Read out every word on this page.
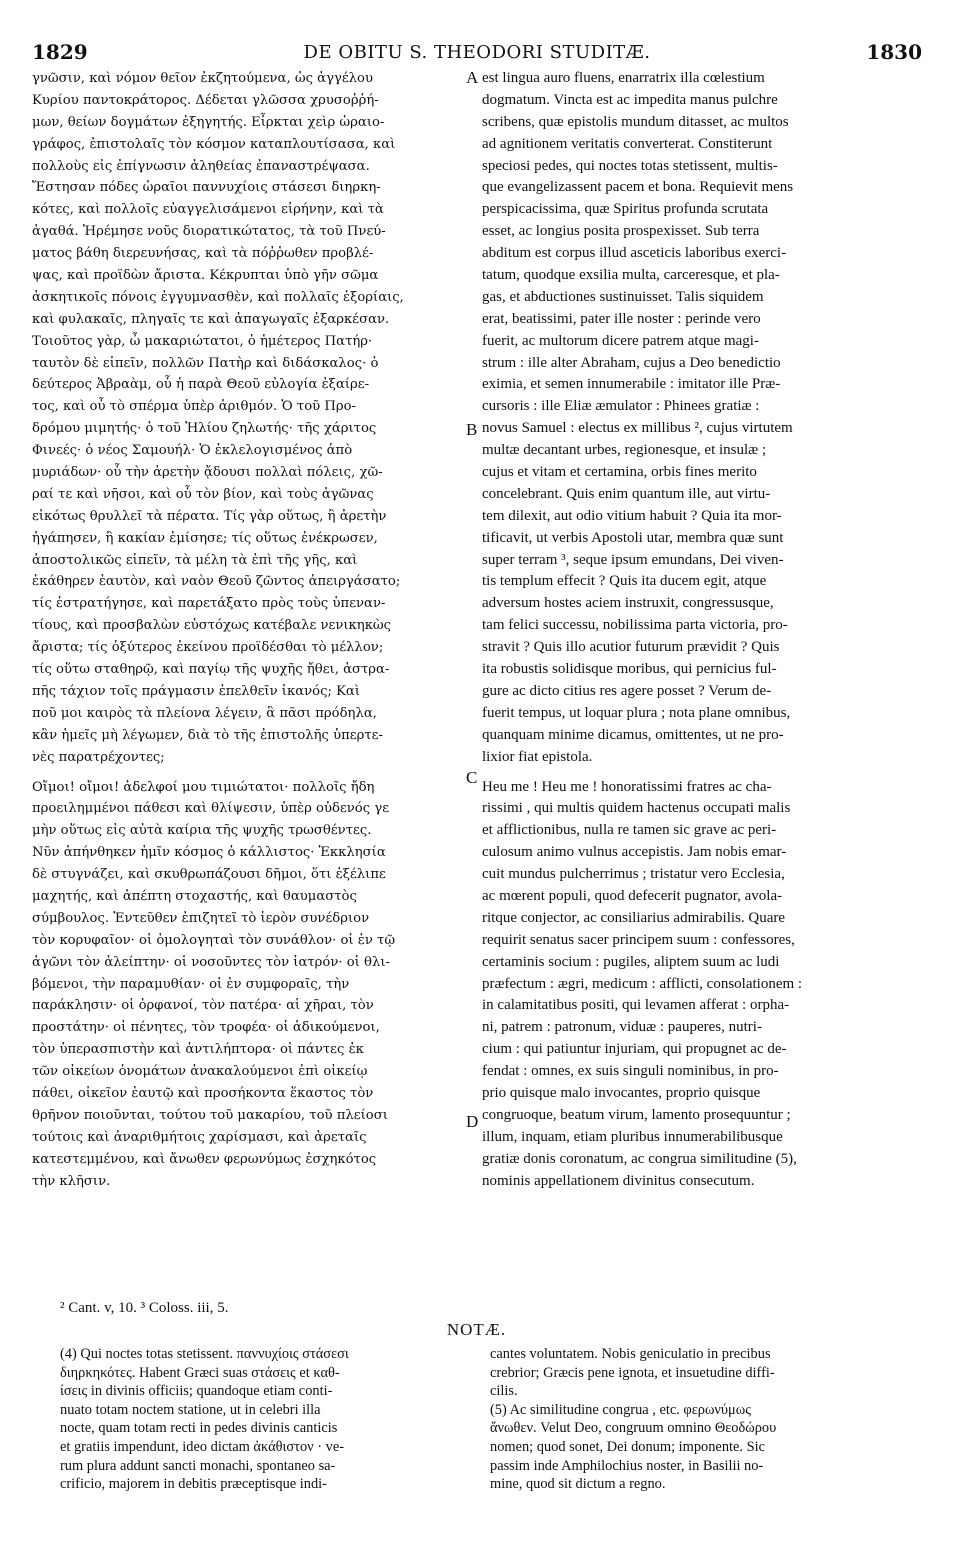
1829	DE OBITU S. THEODORI STUDITÆ.	1830
γνῶσιν, καὶ νόμον θεῖον ἐκζητούμενα, ὡς ἀγγέλου
Κυρίου παντοκράτορος. Δέδεται γλῶσσα χρυσοῤῥή-
μων, θείων δογμάτων ἐξηγητής. Εἶρκται χεὶρ ὡραιο-
γράφος, ἐπιστολαῖς τὸν κόσμον καταπλουτίσασα, καὶ
πολλοὺς εἰς ἐπίγνωσιν ἀληθείας ἐπαναστρέψασα.
Ἔστησαν πόδες ὡραῖοι παννυχίοις στάσεσι διηρκη-
κότες, καὶ πολλοῖς εὐαγγελισάμενοι εἰρήνην, καὶ τὰ
ἀγαθά. Ἠρέμησε νοῦς διορατικώτατος, τὰ τοῦ Πνεύ-
ματος βάθη διερευνήσας, καὶ τὰ πόῤῥωθεν προβλέ-
ψας, καὶ προϊδὼν ἄριστα. Κέκρυπται ὑπὸ γῆν σῶμα
ἀσκητικοῖς πόνοις ἐγγυμνασθὲν, καὶ πολλαῖς ἐξορίαις,
καὶ φυλακαῖς, πληγαῖς τε καὶ ἀπαγωγαῖς ἐξαρκέσαν.
Τοιοῦτος γὰρ, ὦ μακαριώτατοι, ὁ ἡμέτερος Πατήρ·
ταυτὸν δὲ εἰπεῖν, πολλῶν Πατὴρ καὶ διδάσκαλος· ὁ
δεύτερος Ἀβραὰμ, οὗ ἡ παρὰ Θεοῦ εὐλογία ἐξαίρε-
τος, καὶ οὗ τὸ σπέρμα ὑπὲρ ἀριθμόν. Ὁ τοῦ Προ-
δρόμου μιμητής· ὁ τοῦ Ἠλίου ζηλωτής· τῆς χάριτος
Φινεές· ὁ νέος Σαμουήλ· Ὁ ἐκλελογισμένος ἀπὸ
μυριάδων· οὗ τὴν ἀρετὴν ᾄδουσι πολλαὶ πόλεις, χῶ-
ραί τε καὶ νῆσοι, καὶ οὗ τὸν βίον, καὶ τοὺς ἀγῶνας
εἰκότως θρυλλεῖ τὰ πέρατα. Τίς γὰρ οὕτως, ἢ ἀρετὴν
ἠγάπησεν, ἢ κακίαν ἐμίσησε; τίς οὕτως ἐνέκρωσεν,
ἀποστολικῶς εἰπεῖν, τὰ μέλη τὰ ἐπὶ τῆς γῆς, καὶ
ἐκάθηρεν ἑαυτὸν, καὶ ναὸν Θεοῦ ζῶντος ἀπειργάσατο;
τίς ἐστρατήγησε, καὶ παρετάξατο πρὸς τοὺς ὑπεναν-
τίους, καὶ προσβαλὼν εὐστόχως κατέβαλε νενικηκὼς
ἄριστα; τίς ὀξύτερος ἐκείνου προϊδέσθαι τὸ μέλλον;
τίς οὕτω σταθηρῷ, καὶ παγίῳ τῆς ψυχῆς ἤθει, ἀστρα-
πῆς τάχιον τοῖς πράγμασιν ἐπελθεῖν ἱκανός; Καὶ
ποῦ μοι καιρὸς τὰ πλείονα λέγειν, ἃ πᾶσι πρόδηλα,
κἂν ἡμεῖς μὴ λέγωμεν, διὰ τὸ τῆς ἐπιστολῆς ὑπερτε-
νὲς παρατρέχοντες;
Οἴμοι! οἴμοι! ἀδελφοί μου τιμιώτατοι· πολλοῖς ἤδη
προειλημμένοι πάθεσι καὶ θλίψεσιν, ὑπὲρ οὐδενός γε
μὴν οὕτως εἰς αὐτὰ καίρια τῆς ψυχῆς τρωσθέντες.
Νῦν ἀπήνθηκεν ἡμῖν κόσμος ὁ κάλλιστος· Ἐκκλησία
δὲ στυγνάζει, καὶ σκυθρωπάζουσι δῆμοι, ὅτι ἐξέλιπε
μαχητής, καὶ ἀπέπτη στοχαστής, καὶ θαυμαστὸς
σύμβουλος. Ἐντεῦθεν ἐπιζητεῖ τὸ ἱερὸν συνέδριον
τὸν κορυφαῖον· οἱ ὁμολογηταὶ τὸν συνάθλον· οἱ ἐν τῷ
ἀγῶνι τὸν ἀλείπτην· οἱ νοσοῦντες τὸν ἰατρόν· οἱ θλι-
βόμενοι, τὴν παραμυθίαν· οἱ ἐν συμφοραῖς, τὴν
παράκλησιν· οἱ ὀρφανοί, τὸν πατέρα· αἱ χῆραι, τὸν
προστάτην· οἱ πένητες, τὸν τροφέα· οἱ ἀδικούμενοι,
τὸν ὑπερασπιστὴν καὶ ἀντιλήπτορα· οἱ πάντες ἐκ
τῶν οἰκείων ὀνομάτων ἀνακαλούμενοι ἐπὶ οἰκείῳ
πάθει, οἰκεῖον ἑαυτῷ καὶ προσήκοντα ἕκαστος τὸν
θρῆνον ποιοῦνται, τούτου τοῦ μακαρίου, τοῦ πλείοσι
τούτοις καὶ ἀναριθμήτοις χαρίσμασι, καὶ ἀρεταῖς
κατεστεμμένου, καὶ ἄνωθεν φερωνύμως ἐσχηκότος
τὴν κλῆσιν.
est lingua auro fluens, enarratrix illa cœlestium
dogmatum. Vincta est ac impedita manus pulchre
scribens, quæ epistolis mundum ditasset, ac multos
ad agnitionem veritatis converterat. Constiterunt
speciosi pedes, qui noctes totas stetissent, multis-
que evangelizassent pacem et bona. Requievit mens
perspicacissima, quæ Spiritus profunda scrutata
esset, ac longius posita prospexisset. Sub terra
abditum est corpus illud asceticis laboribus exerci-
tatum, quodque exsilia multa, carceresque, et pla-
gas, et abductiones sustinuisset. Talis siquidem
erat, beatissimi, pater ille noster : perinde vero
fuerit, ac multorum dicere patrem atque magi-
strum : ille alter Abraham, cujus a Deo benedictio
eximia, et semen innumerabile : imitator ille Præ-
cursoris : ille Eliæ æmulator : Phinees gratiæ :
novus Samuel : electus ex millibus ², cujus virtutem
multæ decantant urbes, regionesque, et insulæ ;
cujus et vitam et certamina, orbis fines merito
concelebrant. Quis enim quantum ille, aut virtu-
tem dilexit, aut odio vitium habuit ? Quia ita mor-
tificavit, ut verbis Apostoli utar, membra quæ sunt
super terram ³, seque ipsum emundans, Dei viven-
tis templum effecit ? Quis ita ducem egit, atque
adversum hostes aciem instruxit, congressusque,
tam felici successu, nobilissima parta victoria, pro-
stravit ? Quis illo acutior futurum prævidit ? Quis
ita robustis solidisque moribus, qui pernicius ful-
gure ac dicto citius res agere posset ? Verum de-
fuerit tempus, ut loquar plura ; nota plane omnibus,
quanquam minime dicamus, omittentes, ut ne pro-
lixior fiat epistola.
Heu me ! Heu me ! honoratissimi fratres ac cha-
rissimi , qui multis quidem hactenus occupati malis
et afflictionibus, nulla re tamen sic grave ac peri-
culosum animo vulnus accepistis. Jam nobis emar-
cuit mundus pulcherrimus ; tristatur vero Ecclesia,
ac mœrent populi, quod defecerit pugnator, avola-
ritque conjector, ac consiliarius admirabilis. Quare
requirit senatus sacer principem suum : confessores,
certaminis socium : pugiles, aliptem suum ac ludi
præfectum : ægri, medicum : afflicti, consolationem :
in calamitatibus positi, qui levamen afferat : orpha-
ni, patrem : patronum, viduæ : pauperes, nutri-
cium : qui patiuntur injuriam, qui propugnet ac de-
fendat : omnes, ex suis singuli nominibus, in pro-
prio quisque malo invocantes, proprio quisque
congruoque, beatum virum, lamento prosequuntur ;
illum, inquam, etiam pluribus innumerabilibusque
gratiæ donis coronatum, ac congrua similitudine (5),
nominis appellationem divinitus consecutum.
A
B
C
D
² Cant. v, 10. ³ Coloss. iii, 5.
NOTÆ.
(4) Qui noctes totas stetissent. παννυχίοις στάσεσι
διηρκηκότες. Habent Græci suas στάσεις et καθ-
ίσεις in divinis officiis; quandoque etiam conti-
nuato totam noctem statione, ut in celebri illa
nocte, quam totam recti in pedes divinis canticis
et gratiis impendunt, ideo dictam ἀκάθιστον · ve-
rum plura addunt sancti monachi, spontaneo sa-
crificio, majorem in debitis præceptisque indi-
cantes voluntatem. Nobis geniculatio in precibus
crebrior; Græcis pene ignota, et insuetudine diffi-
cilis.
(5) Ac similitudine congrua , etc. φερωνύμως
ἄνωθεν. Velut Deo, congruum omnino Θεοδώρου
nomen; quod sonet, Dei donum; imponente. Sic
passim inde Amphilochius noster, in Basilii no-
mine, quod sit dictum a regno.
